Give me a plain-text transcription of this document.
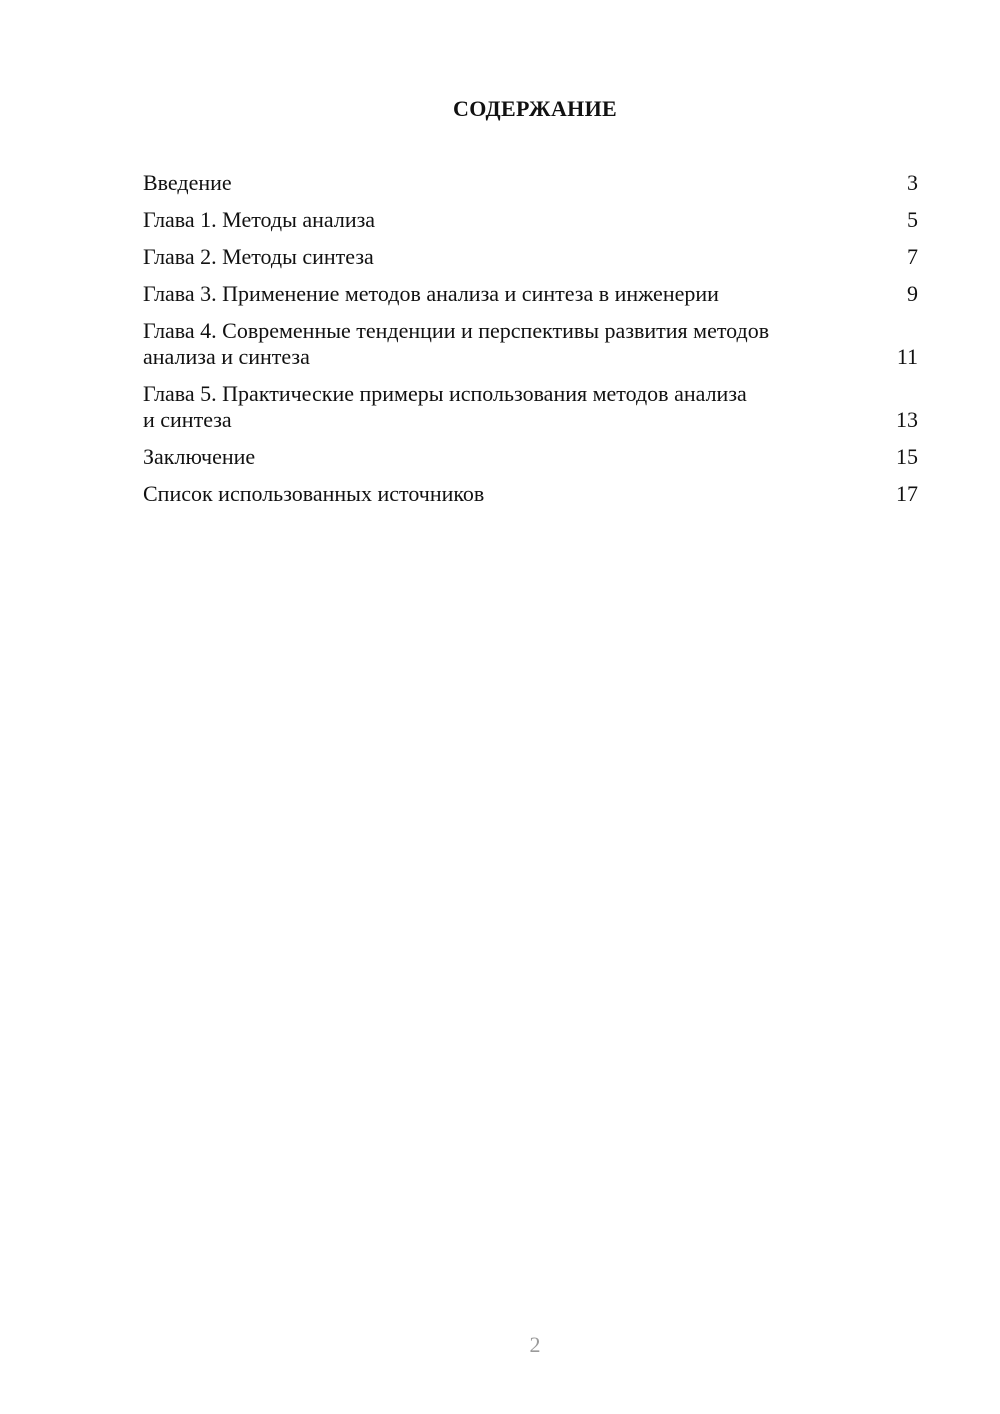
СОДЕРЖАНИЕ
Введение	3
Глава 1. Методы анализа	5
Глава 2. Методы синтеза	7
Глава 3. Применение методов анализа и синтеза в инженерии	9
Глава 4. Современные тенденции и перспективы развития методов анализа и синтеза	11
Глава 5. Практические примеры использования методов анализа и синтеза	13
Заключение	15
Список использованных источников	17
2
